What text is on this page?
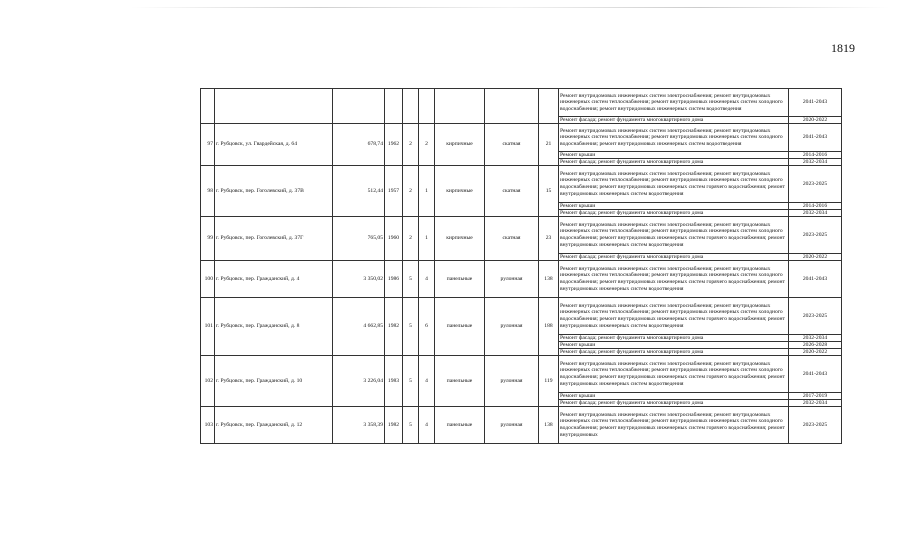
1819
									Ремонт внутридомовых инженерных систем электроснабжения; ремонт внутридомовых инженерных систем теплоснабжения; ремонт внутридомовых инженерных систем холодного водоснабжения; ремонт внутридомовых инженерных систем водоотведения	2041-2043
									Ремонт фасада; ремонт фундамента многоквартирного дома	2020-2022
97	г. Рубцовск, ул. Гвардейская, д. 64	678,74	1962	2	2	кирпичные	скатная	21	Ремонт внутридомовых инженерных систем электроснабжения; ремонт внутридомовых инженерных систем теплоснабжения; ремонт внутридомовых инженерных систем холодного водоснабжения; ремонт внутридомовых инженерных систем водоотведения	2041-2043
									Ремонт крыши	2014-2016
									Ремонт фасада; ремонт фундамента многоквартирного дома	2032-2034
98	г. Рубцовск, пер. Гоголевский, д. 37В	512,44	1957	2	1	кирпичные	скатная	15	Ремонт внутридомовых инженерных систем электроснабжения; ремонт внутридомовых инженерных систем теплоснабжения; ремонт внутридомовых инженерных систем холодного водоснабжения; ремонт внутридомовых инженерных систем горячего водоснабжения; ремонт внутридомовых инженерных систем водоотведения	2023-2025
									Ремонт крыши	2014-2016
									Ремонт фасада; ремонт фундамента многоквартирного дома	2032-2034
99	г. Рубцовск, пер. Гоголевский, д. 37Г	765,05	1960	2	1	кирпичные	скатная	23	Ремонт внутридомовых инженерных систем электроснабжения; ремонт внутридомовых инженерных систем теплоснабжения; ремонт внутридомовых инженерных систем холодного водоснабжения; ремонт внутридомовых инженерных систем горячего водоснабжения; ремонт внутридомовых инженерных систем водоотведения	2023-2025
									Ремонт фасада; ремонт фундамента многоквартирного дома	2020-2022
100	г. Рубцовск, пер. Гражданский, д. 4	3 350,02	1986	5	4	панельные	рулонная	138	Ремонт внутридомовых инженерных систем электроснабжения; ремонт внутридомовых инженерных систем теплоснабжения; ремонт внутридомовых инженерных систем холодного водоснабжения; ремонт внутридомовых инженерных систем горячего водоснабжения; ремонт внутридомовых инженерных систем водоотведения	2041-2043
101	г. Рубцовск, пер. Гражданский, д. 8	4 662,85	1982	5	6	панельные	рулонная	188	Ремонт внутридомовых инженерных систем электроснабжения; ремонт внутридомовых инженерных систем теплоснабжения; ремонт внутридомовых инженерных систем холодного водоснабжения; ремонт внутридомовых инженерных систем горячего водоснабжения; ремонт внутридомовых инженерных систем водоотведения	2023-2025
									Ремонт фасада; ремонт фундамента многоквартирного дома	2032-2034
									Ремонт крыши	2026-2028
									Ремонт фасада; ремонт фундамента многоквартирного дома	2020-2022
102	г. Рубцовск, пер. Гражданский, д. 10	3 226,04	1983	5	4	панельные	рулонная	119	Ремонт внутридомовых инженерных систем электроснабжения; ремонт внутридомовых инженерных систем теплоснабжения; ремонт внутридомовых инженерных систем холодного водоснабжения; ремонт внутридомовых инженерных систем горячего водоснабжения; ремонт внутридомовых инженерных систем водоотведения	2041-2043
									Ремонт крыши	2017-2019
									Ремонт фасада; ремонт фундамента многоквартирного дома	2032-2034
103	г. Рубцовск, пер. Гражданский, д. 12	3 358,39	1982	5	4	панельные	рулонная	138	Ремонт внутридомовых инженерных систем электроснабжения; ремонт внутридомовых инженерных систем теплоснабжения; ремонт внутридомовых инженерных систем холодного водоснабжения; ремонт внутридомовых инженерных систем горячего водоснабжения; ремонт внутридомовых	2023-2025
